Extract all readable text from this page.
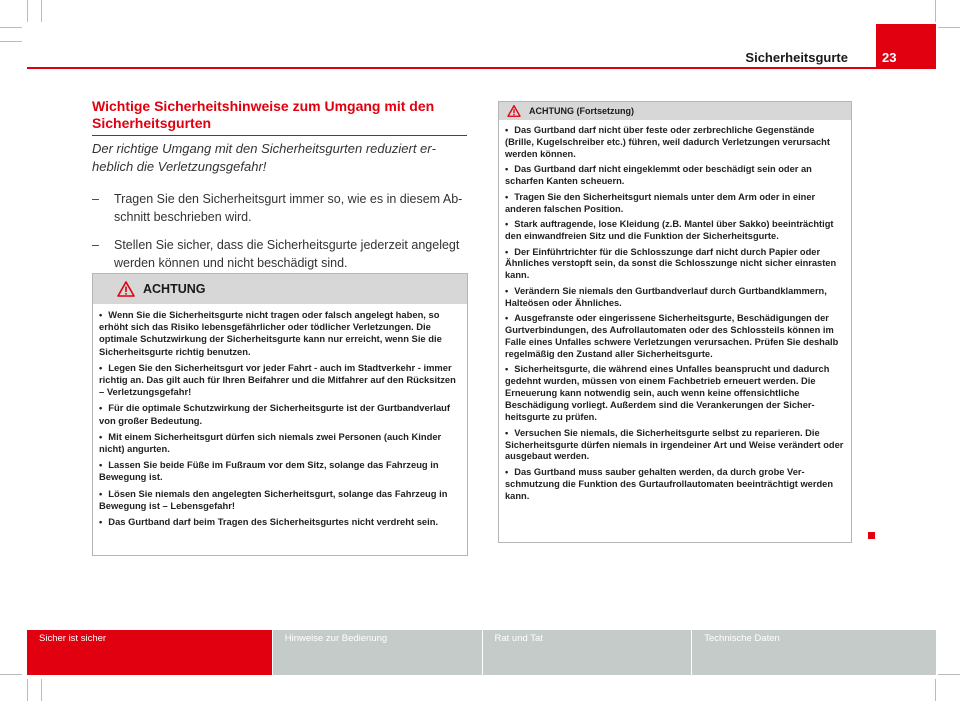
Sicherheitsgurte	23
Wichtige Sicherheitshinweise zum Umgang mit den Sicherheitsgurten
Der richtige Umgang mit den Sicherheitsgurten reduziert erheblich die Verletzungsgefahr!
– Tragen Sie den Sicherheitsgurt immer so, wie es in diesem Abschnitt beschrieben wird.
– Stellen Sie sicher, dass die Sicherheitsgurte jederzeit angelegt werden können und nicht beschädigt sind.
ACHTUNG

• Wenn Sie die Sicherheitsgurte nicht tragen oder falsch angelegt haben, so erhöht sich das Risiko lebensgefährlicher oder tödlicher Verletzungen. Die optimale Schutzwirkung der Sicherheitsgurte kann nur erreicht, wenn Sie die Sicherheitsgurte richtig benutzen.

• Legen Sie den Sicherheitsgurt vor jeder Fahrt - auch im Stadtverkehr - immer richtig an. Das gilt auch für Ihren Beifahrer und die Mitfahrer auf den Rücksitzen – Verletzungsgefahr!

• Für die optimale Schutzwirkung der Sicherheitsgurte ist der Gurtbandverlauf von großer Bedeutung.

• Mit einem Sicherheitsgurt dürfen sich niemals zwei Personen (auch Kinder nicht) angurten.

• Lassen Sie beide Füße im Fußraum vor dem Sitz, solange das Fahrzeug in Bewegung ist.

• Lösen Sie niemals den angelegten Sicherheitsgurt, solange das Fahrzeug in Bewegung ist – Lebensgefahr!

• Das Gurtband darf beim Tragen des Sicherheitsgurtes nicht verdreht sein.

ACHTUNG (Fortsetzung)

• Das Gurtband darf nicht über feste oder zerbrechliche Gegenstände (Brille, Kugelschreiber etc.) führen, weil dadurch Verletzungen verursacht werden können.

• Das Gurtband darf nicht eingeklemmt oder beschädigt sein oder an scharfen Kanten scheuern.

• Tragen Sie den Sicherheitsgurt niemals unter dem Arm oder in einer anderen falschen Position.

• Stark auftragende, lose Kleidung (z.B. Mantel über Sakko) beeinträchtigt den einwandfreien Sitz und die Funktion der Sicherheitsgurte.

• Der Einführtrichter für die Schlosszunge darf nicht durch Papier oder Ähnliches verstopft sein, da sonst die Schlosszunge nicht sicher einrasten kann.

• Verändern Sie niemals den Gurtbandverlauf durch Gurtbandklammern, Halteösen oder Ähnliches.

• Ausgefranste oder eingerissene Sicherheitsgurte, Beschädigungen der Gurtverbindungen, des Aufrollautomaten oder des Schlossteils können im Falle eines Unfalles schwere Verletzungen verursachen. Prüfen Sie deshalb regelmäßig den Zustand aller Sicherheitsgurte.

• Sicherheitsgurte, die während eines Unfalles beansprucht und dadurch gedehnt wurden, müssen von einem Fachbetrieb erneuert werden. Die Erneuerung kann notwendig sein, auch wenn keine offensichtliche Beschädigung vorliegt. Außerdem sind die Verankerungen der Sicherheitsgurte zu prüfen.

• Versuchen Sie niemals, die Sicherheitsgurte selbst zu reparieren. Die Sicherheitsgurte dürfen niemals in irgendeiner Art und Weise verändert oder ausgebaut werden.

• Das Gurtband muss sauber gehalten werden, da durch grobe Verschmutzung die Funktion des Gurtaufrollautomaten beeinträchtigt werden kann.

Sicher ist sicher	Hinweise zur Bedienung	Rat und Tat	Technische Daten
